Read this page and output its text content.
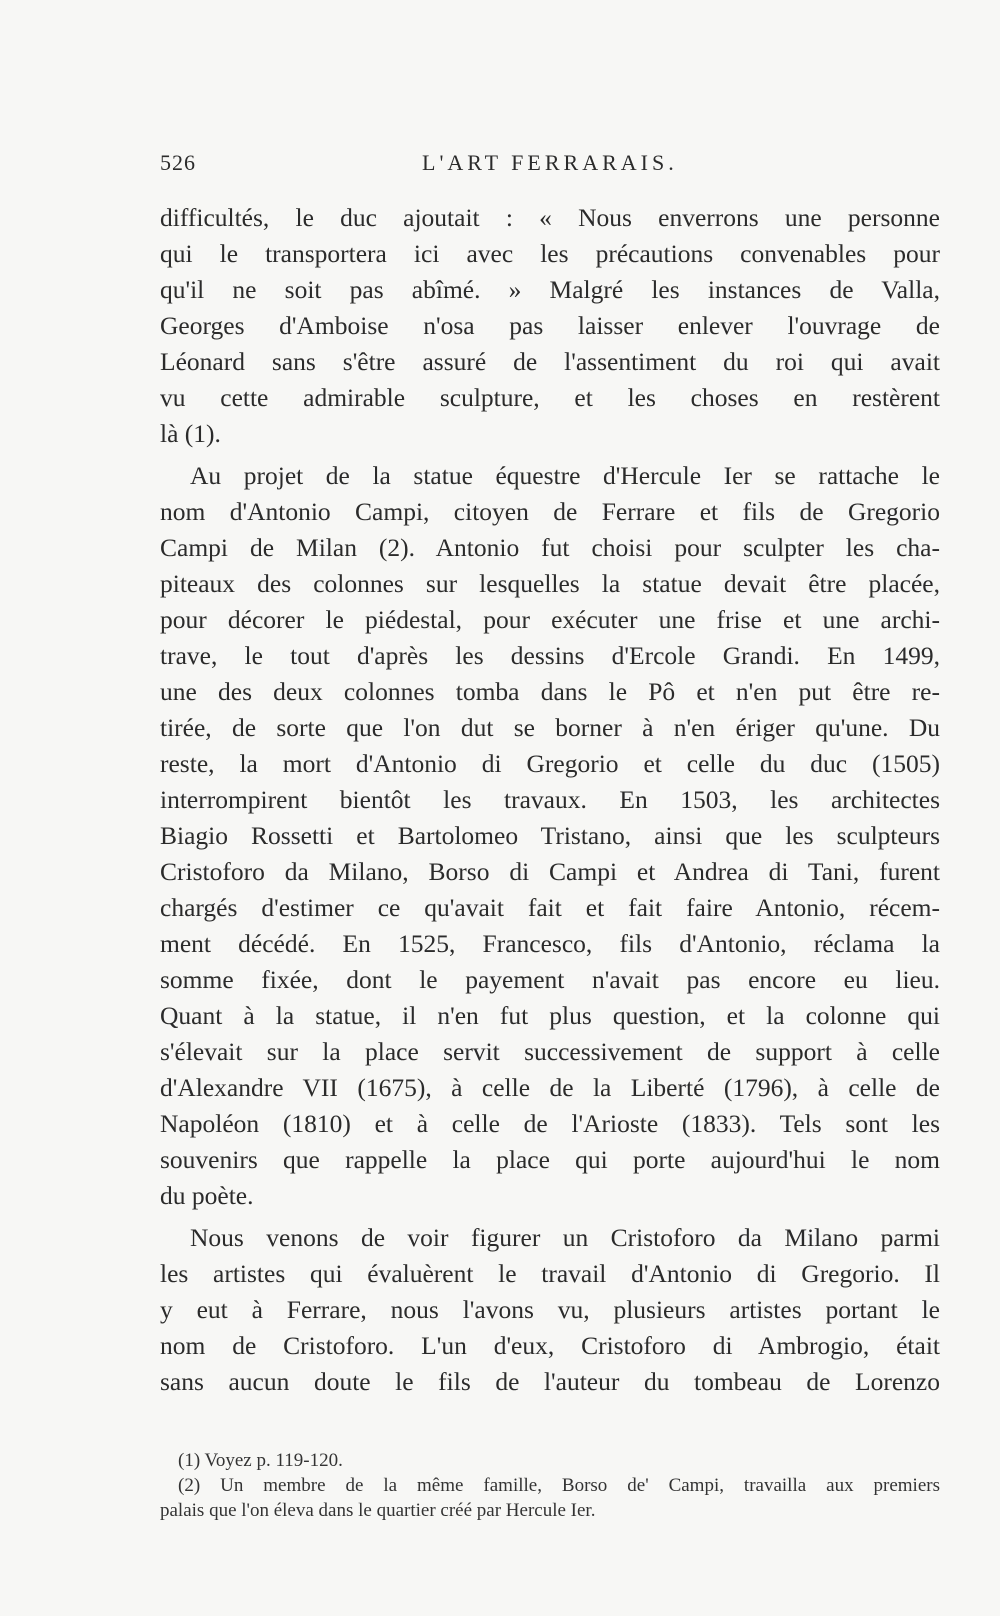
526	L'ART FERRARAIS.
difficultés, le duc ajoutait : « Nous enverrons une personne
qui le transportera ici avec les précautions convenables pour
qu'il ne soit pas abîmé. » Malgré les instances de Valla,
Georges d'Amboise n'osa pas laisser enlever l'ouvrage de
Léonard sans s'être assuré de l'assentiment du roi qui avait
vu cette admirable sculpture, et les choses en restèrent
là (1).
Au projet de la statue équestre d'Hercule Ier se rattache le
nom d'Antonio Campi, citoyen de Ferrare et fils de Gregorio
Campi de Milan (2). Antonio fut choisi pour sculpter les cha-
piteaux des colonnes sur lesquelles la statue devait être placée,
pour décorer le piédestal, pour exécuter une frise et une archi-
trave, le tout d'après les dessins d'Ercole Grandi. En 1499,
une des deux colonnes tomba dans le Pô et n'en put être re-
tirée, de sorte que l'on dut se borner à n'en ériger qu'une. Du
reste, la mort d'Antonio di Gregorio et celle du duc (1505)
interrompirent bientôt les travaux. En 1503, les architectes
Biagio Rossetti et Bartolomeo Tristano, ainsi que les sculpteurs
Cristoforo da Milano, Borso di Campi et Andrea di Tani, furent
chargés d'estimer ce qu'avait fait et fait faire Antonio, récem-
ment décédé. En 1525, Francesco, fils d'Antonio, réclama la
somme fixée, dont le payement n'avait pas encore eu lieu.
Quant à la statue, il n'en fut plus question, et la colonne qui
s'élevait sur la place servit successivement de support à celle
d'Alexandre VII (1675), à celle de la Liberté (1796), à celle de
Napoléon (1810) et à celle de l'Arioste (1833). Tels sont les
souvenirs que rappelle la place qui porte aujourd'hui le nom
du poète.
Nous venons de voir figurer un Cristoforo da Milano parmi
les artistes qui évaluèrent le travail d'Antonio di Gregorio. Il
y eut à Ferrare, nous l'avons vu, plusieurs artistes portant le
nom de Cristoforo. L'un d'eux, Cristoforo di Ambrogio, était
sans aucun doute le fils de l'auteur du tombeau de Lorenzo
(1) Voyez p. 119-120.
(2) Un membre de la même famille, Borso de' Campi, travailla aux premiers
palais que l'on éleva dans le quartier créé par Hercule Ier.
